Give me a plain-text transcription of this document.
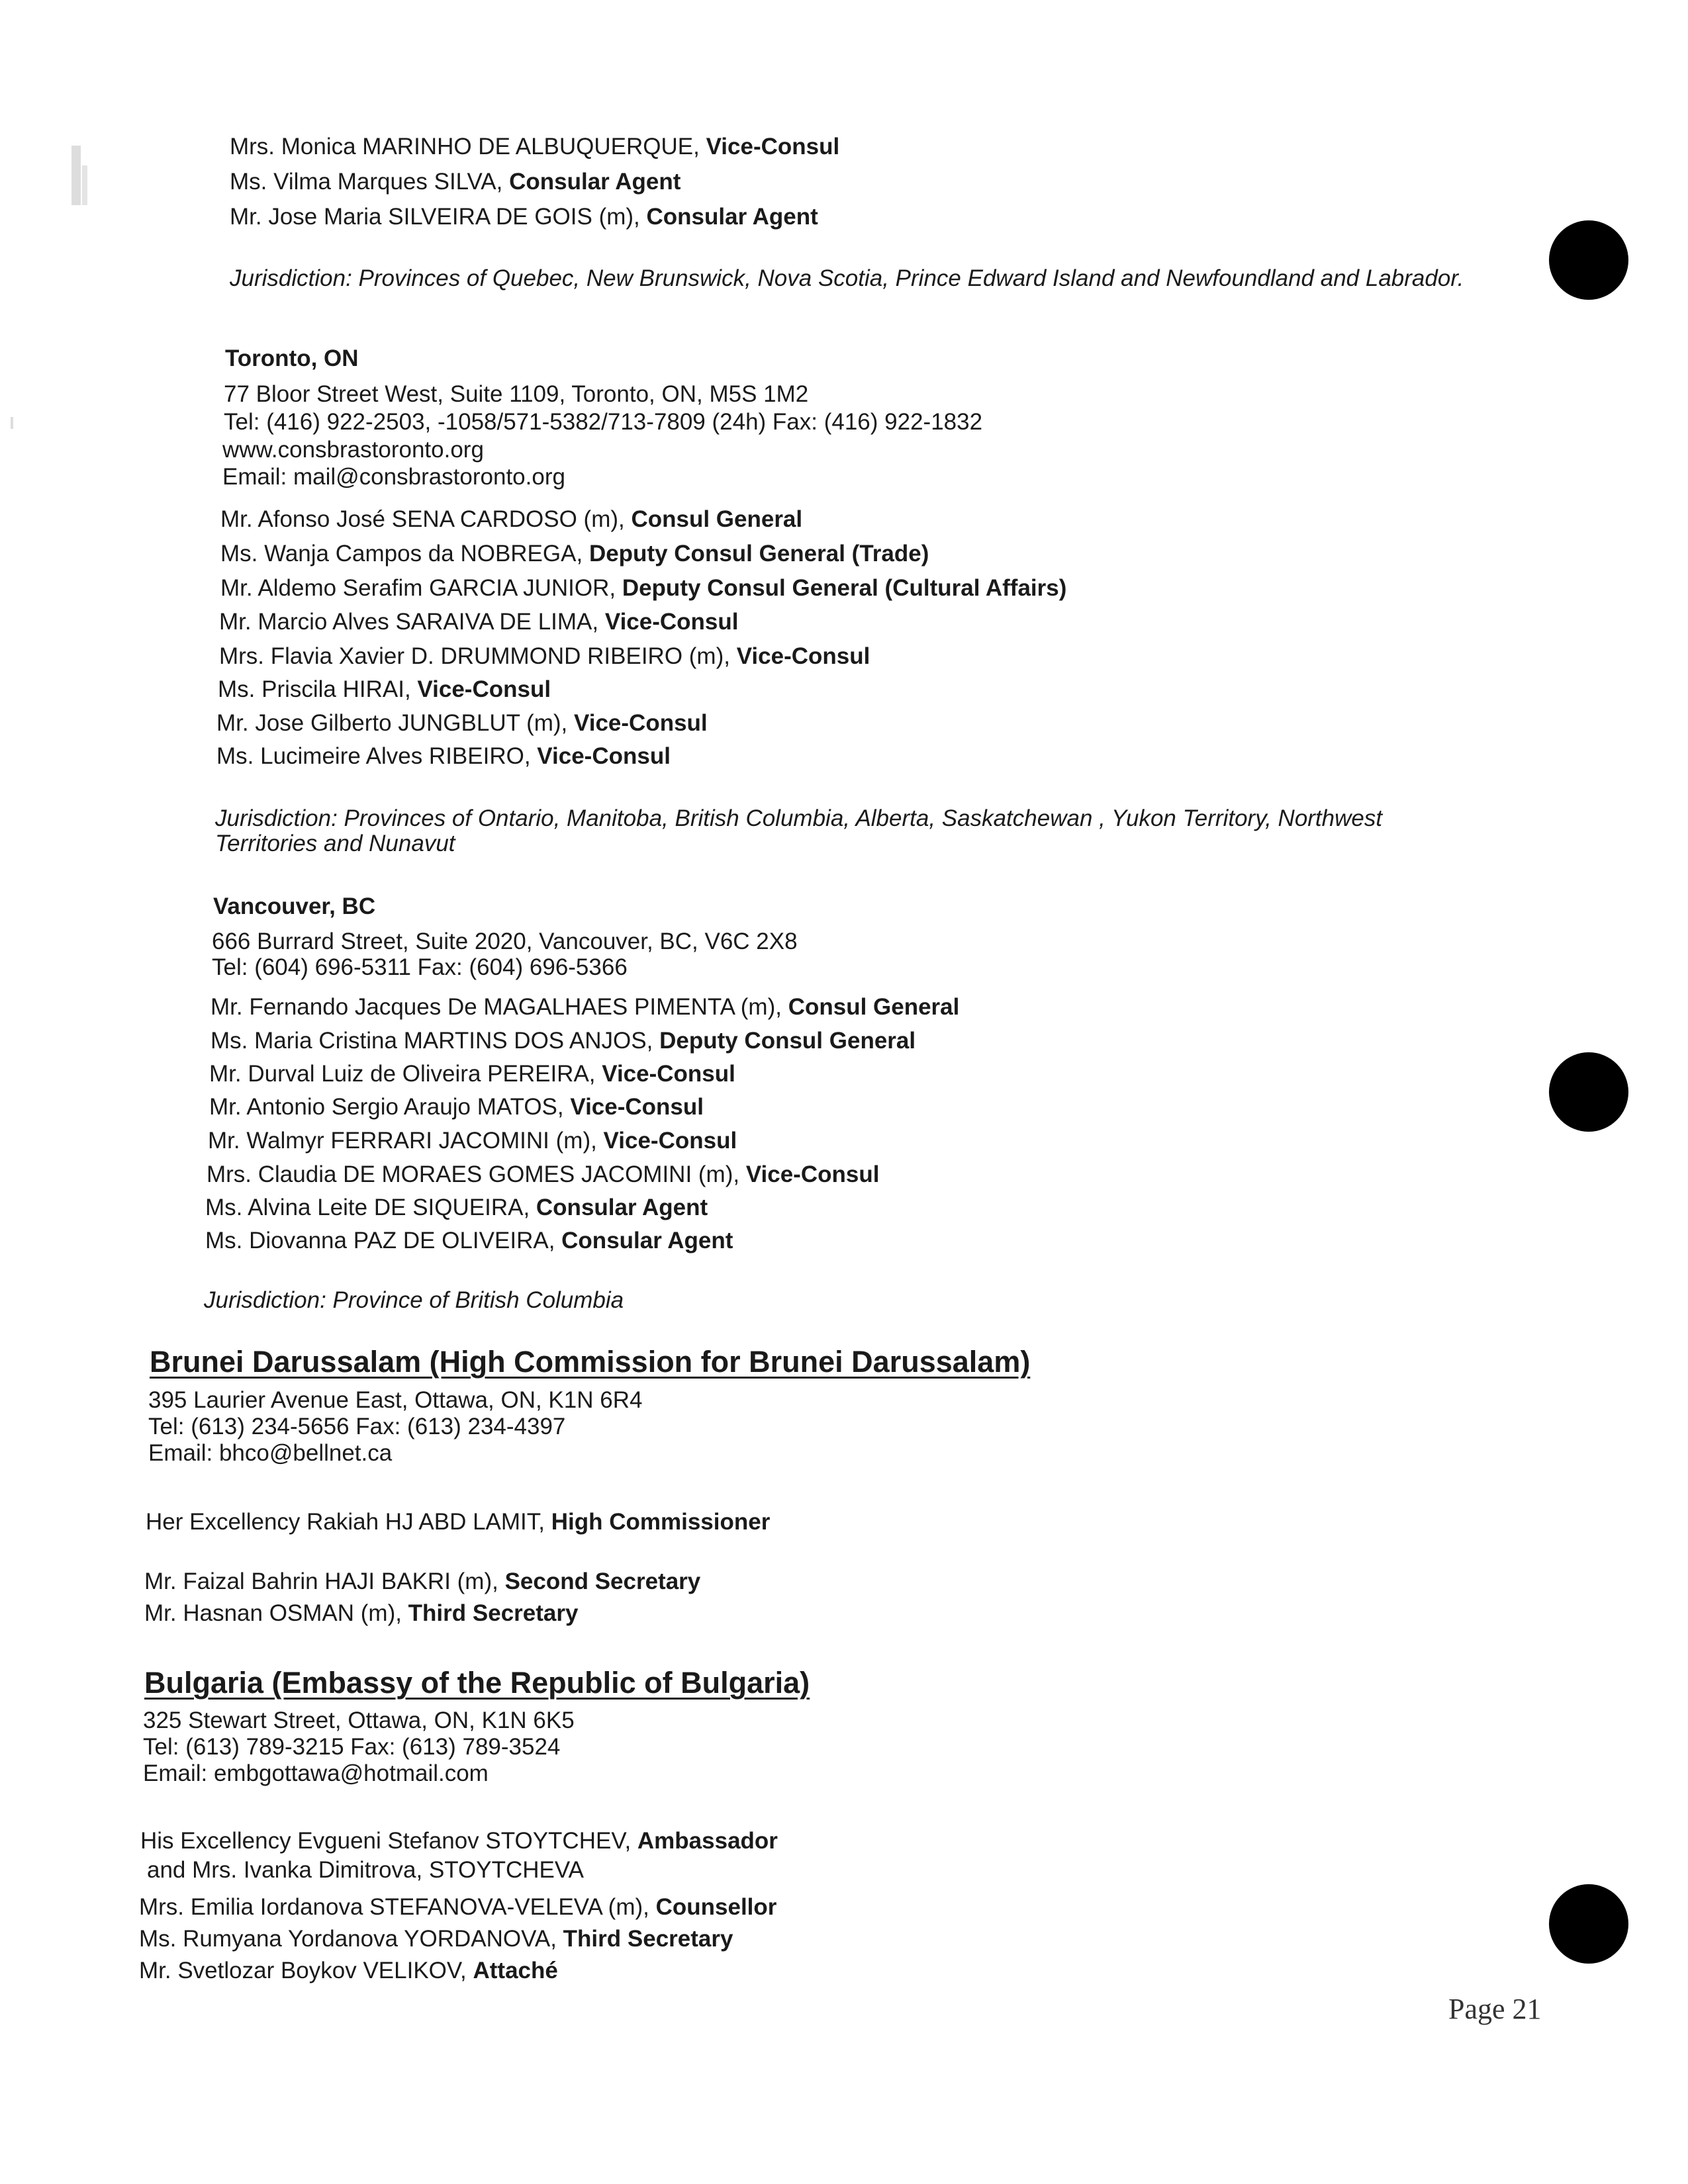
Mrs. Monica MARINHO DE ALBUQUERQUE, Vice-Consul
Ms. Vilma Marques SILVA, Consular Agent
Mr. Jose Maria SILVEIRA DE GOIS (m), Consular Agent
Jurisdiction: Provinces of Quebec, New Brunswick, Nova Scotia, Prince Edward Island and Newfoundland and Labrador.
Toronto, ON
77 Bloor Street West, Suite 1109, Toronto, ON, M5S 1M2
Tel: (416) 922-2503, -1058/571-5382/713-7809 (24h) Fax: (416) 922-1832
www.consbrastoronto.org
Email: mail@consbrastoronto.org
Mr. Afonso José SENA CARDOSO (m), Consul General
Ms. Wanja Campos da NOBREGA, Deputy Consul General (Trade)
Mr. Aldemo Serafim GARCIA JUNIOR, Deputy Consul General (Cultural Affairs)
Mr. Marcio Alves SARAIVA DE LIMA, Vice-Consul
Mrs. Flavia Xavier D. DRUMMOND RIBEIRO (m), Vice-Consul
Ms. Priscila HIRAI, Vice-Consul
Mr. Jose Gilberto JUNGBLUT (m), Vice-Consul
Ms. Lucimeire Alves RIBEIRO, Vice-Consul
Jurisdiction: Provinces of Ontario, Manitoba, British Columbia, Alberta, Saskatchewan , Yukon Territory, Northwest
Territories and Nunavut
Vancouver, BC
666 Burrard Street, Suite 2020, Vancouver, BC, V6C 2X8
Tel: (604) 696-5311 Fax: (604) 696-5366
Mr. Fernando Jacques De MAGALHAES PIMENTA (m), Consul General
Ms. Maria Cristina MARTINS DOS ANJOS, Deputy Consul General
Mr. Durval Luiz de Oliveira PEREIRA, Vice-Consul
Mr. Antonio Sergio Araujo MATOS, Vice-Consul
Mr. Walmyr FERRARI JACOMINI (m), Vice-Consul
Mrs. Claudia DE MORAES GOMES JACOMINI (m), Vice-Consul
Ms. Alvina Leite DE SIQUEIRA, Consular Agent
Ms. Diovanna PAZ DE OLIVEIRA, Consular Agent
Jurisdiction: Province of British Columbia
Brunei Darussalam (High Commission for Brunei Darussalam)
395 Laurier Avenue East, Ottawa, ON, K1N 6R4
Tel: (613) 234-5656 Fax: (613) 234-4397
Email: bhco@bellnet.ca
Her Excellency Rakiah HJ ABD LAMIT, High Commissioner
Mr. Faizal Bahrin HAJI BAKRI (m), Second Secretary
Mr. Hasnan OSMAN (m), Third Secretary
Bulgaria (Embassy of the Republic of Bulgaria)
325 Stewart Street, Ottawa, ON, K1N 6K5
Tel: (613) 789-3215 Fax: (613) 789-3524
Email: embgottawa@hotmail.com
His Excellency Evgueni Stefanov STOYTCHEV, Ambassador
and Mrs. Ivanka Dimitrova, STOYTCHEVA
Mrs. Emilia Iordanova STEFANOVA-VELEVA (m), Counsellor
Ms. Rumyana Yordanova YORDANOVA, Third Secretary
Mr. Svetlozar Boykov VELIKOV, Attaché
Page 21
